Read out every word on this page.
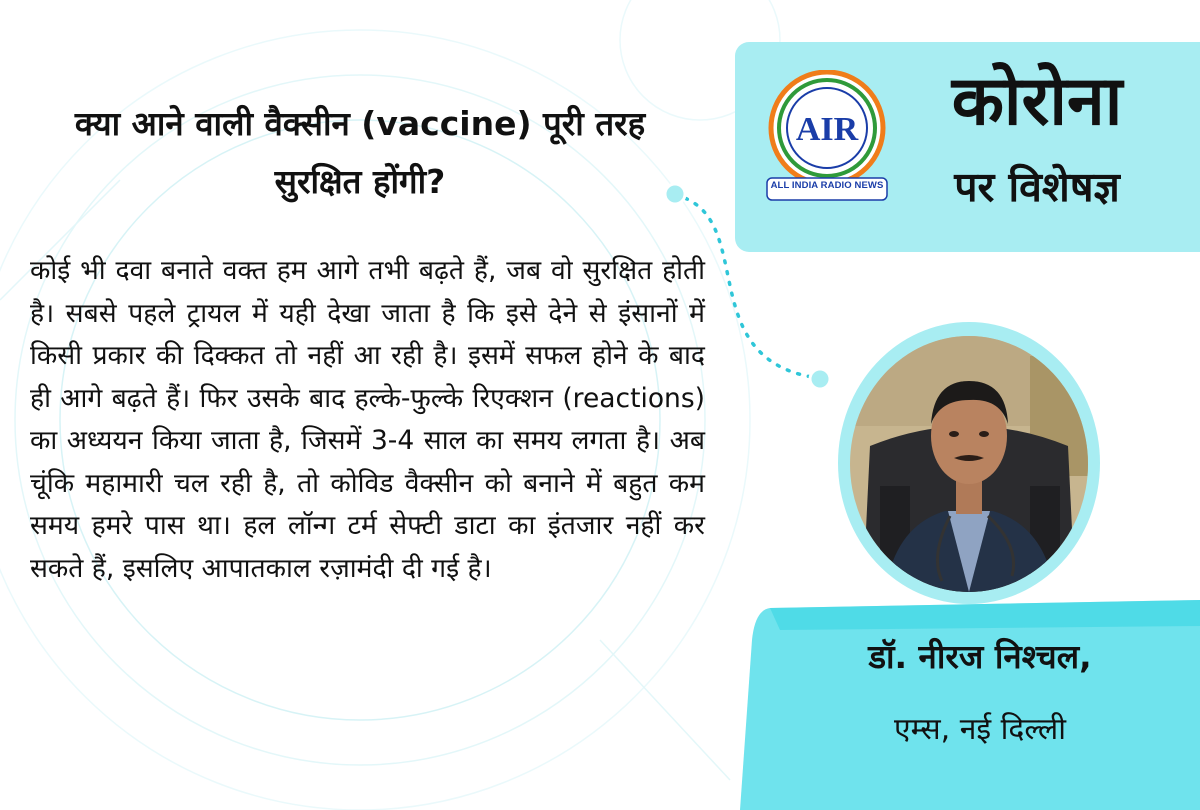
क्या आने वाली वैक्सीन (vaccine) पूरी तरह सुरक्षित होंगी?

कोई भी दवा बनाते वक्त हम आगे तभी बढ़ते हैं, जब वो सुरक्षित होती है। सबसे पहले ट्रायल में यही देखा जाता है कि इसे देने से इंसानों में किसी प्रकार की दिक्कत तो नहीं आ रही है। इसमें सफल होने के बाद ही आगे बढ़ते हैं। फिर उसके बाद हल्के-फुल्के रिएक्शन (reactions) का अध्ययन किया जाता है, जिसमें 3-4 साल का समय लगता है। अब चूंकि महामारी चल रही है, तो कोविड वैक्सीन को बनाने में बहुत कम समय हमरे पास था। हल लॉन्ग टर्म सेफ्टी डाटा का इंतजार नहीं कर सकते हैं, इसलिए आपातकाल रज़ामंदी दी गई है।

AIR
ALL INDIA RADIO NEWS
कोरोना
पर विशेषज्ञ
डॉ. नीरज निश्चल,
एम्स, नई दिल्ली
